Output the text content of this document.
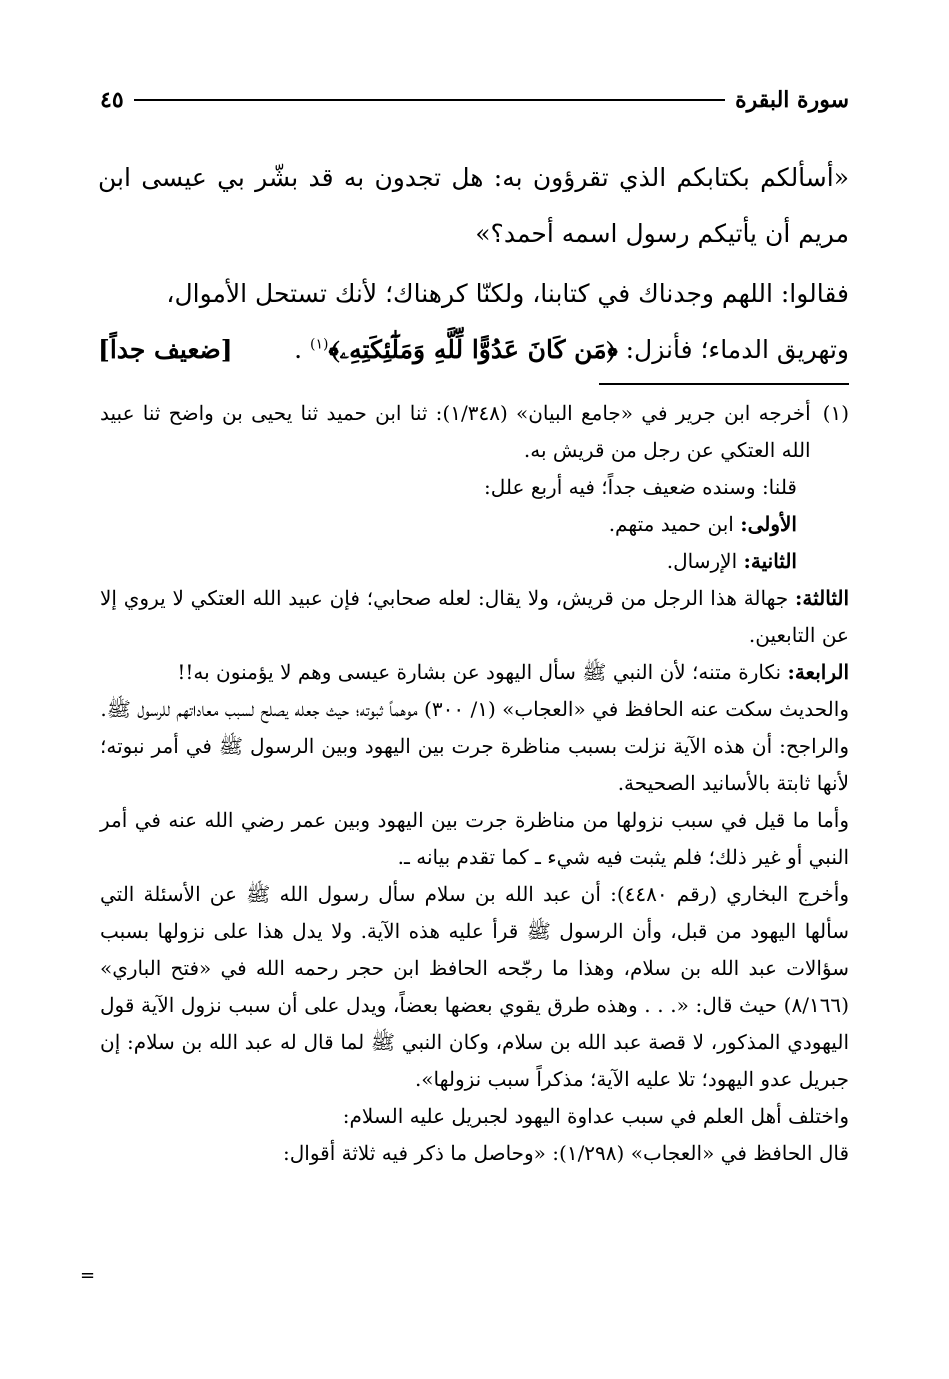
سورة البقرة
٤٥

«أسألكم بكتابكم الذي تقرؤون به: هل تجدون به قد بشّر بي عيسى ابن مريم أن يأتيكم رسول اسمه أحمد؟»

فقالوا: اللهم وجدناك في كتابنا، ولكنّا كرهناك؛ لأنك تستحل الأموال،

وتهريق الدماء؛ فأنزل: ﴿مَن كَانَ عَدُوًّا لِّلَّهِ وَمَلَٰٓئِكَتِهِۦ﴾$^{(١)}$ .
[ضعيف جداً]
(١)
أخرجه ابن جرير في «جامع البيان» (١/٣٤٨): ثنا ابن حميد ثنا يحيى بن واضح ثنا عبيد الله العتكي عن رجل من قريش به.

قلنا: وسنده ضعيف جداً؛ فيه أربع علل:

الأولى: ابن حميد متهم.

الثانية: الإرسال.

الثالثة: جهالة هذا الرجل من قريش، ولا يقال: لعله صحابي؛ فإن عبيد الله العتكي لا يروي إلا عن التابعين.

الرابعة: نكارة متنه؛ لأن النبي ﷺ سأل اليهود عن بشارة عيسى وهم لا يؤمنون به!!

والحديث سكت عنه الحافظ في «العجاب» (١/ ٣٠٠) موهماً ثبوته؛ حيث جعله يصلح لسبب معاداتهم للرسول ﷺ.

والراجح: أن هذه الآية نزلت بسبب مناظرة جرت بين اليهود وبين الرسول ﷺ في أمر نبوته؛ لأنها ثابتة بالأسانيد الصحيحة.

وأما ما قيل في سبب نزولها من مناظرة جرت بين اليهود وبين عمر رضي الله عنه في أمر النبي أو غير ذلك؛ فلم يثبت فيه شيء ـ كما تقدم بيانه ـ.

وأخرج البخاري (رقم ٤٤٨٠): أن عبد الله بن سلام سأل رسول الله ﷺ عن الأسئلة التي سألها اليهود من قبل، وأن الرسول ﷺ قرأ عليه هذه الآية. ولا يدل هذا على نزولها بسبب سؤالات عبد الله بن سلام، وهذا ما رجّحه الحافظ ابن حجر رحمه الله في «فتح الباري» (٨/١٦٦) حيث قال: «. . . وهذه طرق يقوي بعضها بعضاً، ويدل على أن سبب نزول الآية قول اليهودي المذكور، لا قصة عبد الله بن سلام، وكان النبي ﷺ لما قال له عبد الله بن سلام: إن جبريل عدو اليهود؛ تلا عليه الآية؛ مذكراً سبب نزولها».

واختلف أهل العلم في سبب عداوة اليهود لجبريل عليه السلام:

قال الحافظ في «العجاب» (١/٢٩٨): «وحاصل ما ذكر فيه ثلاثة أقوال:

=
